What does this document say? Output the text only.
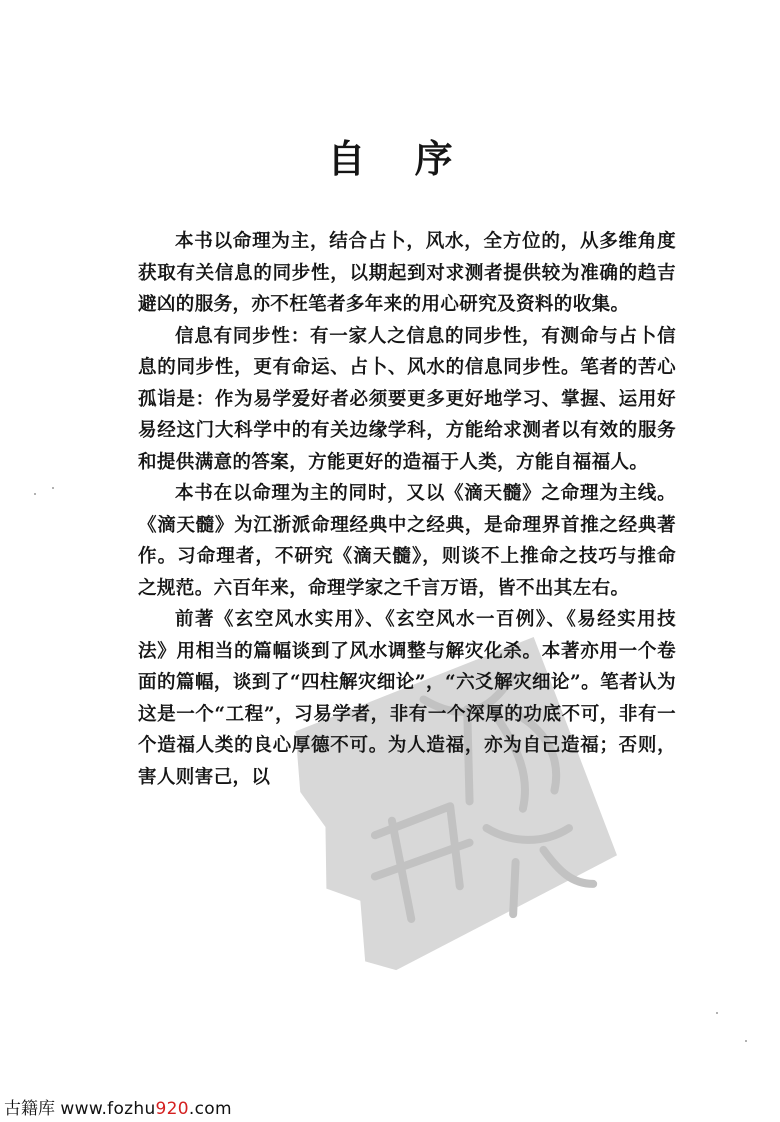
自 序

本书以命理为主，结合占卜，风水，全方位的，从多维角度获取有关信息的同步性，以期起到对求测者提供较为准确的趋吉避凶的服务，亦不枉笔者多年来的用心研究及资料的收集。

信息有同步性：有一家人之信息的同步性，有测命与占卜信息的同步性，更有命运、占卜、风水的信息同步性。笔者的苦心孤诣是：作为易学爱好者必须要更多更好地学习、掌握、运用好易经这门大科学中的有关边缘学科，方能给求测者以有效的服务和提供满意的答案，方能更好的造福于人类，方能自福福人。

本书在以命理为主的同时，又以《滴天髓》之命理为主线。《滴天髓》为江浙派命理经典中之经典，是命理界首推之经典著作。习命理者，不研究《滴天髓》，则谈不上推命之技巧与推命之规范。六百年来，命理学家之千言万语，皆不出其左右。

前著《玄空风水实用》、《玄空风水一百例》、《易经实用技法》用相当的篇幅谈到了风水调整与解灾化杀。本著亦用一个卷面的篇幅，谈到了“四柱解灾细论”，“六爻解灾细论”。笔者认为这是一个“工程”，习易学者，非有一个深厚的功底不可，非有一个造福人类的良心厚德不可。为人造福，亦为自己造福；否则，害人则害己，以

古籍库 www.fozhu920.com
